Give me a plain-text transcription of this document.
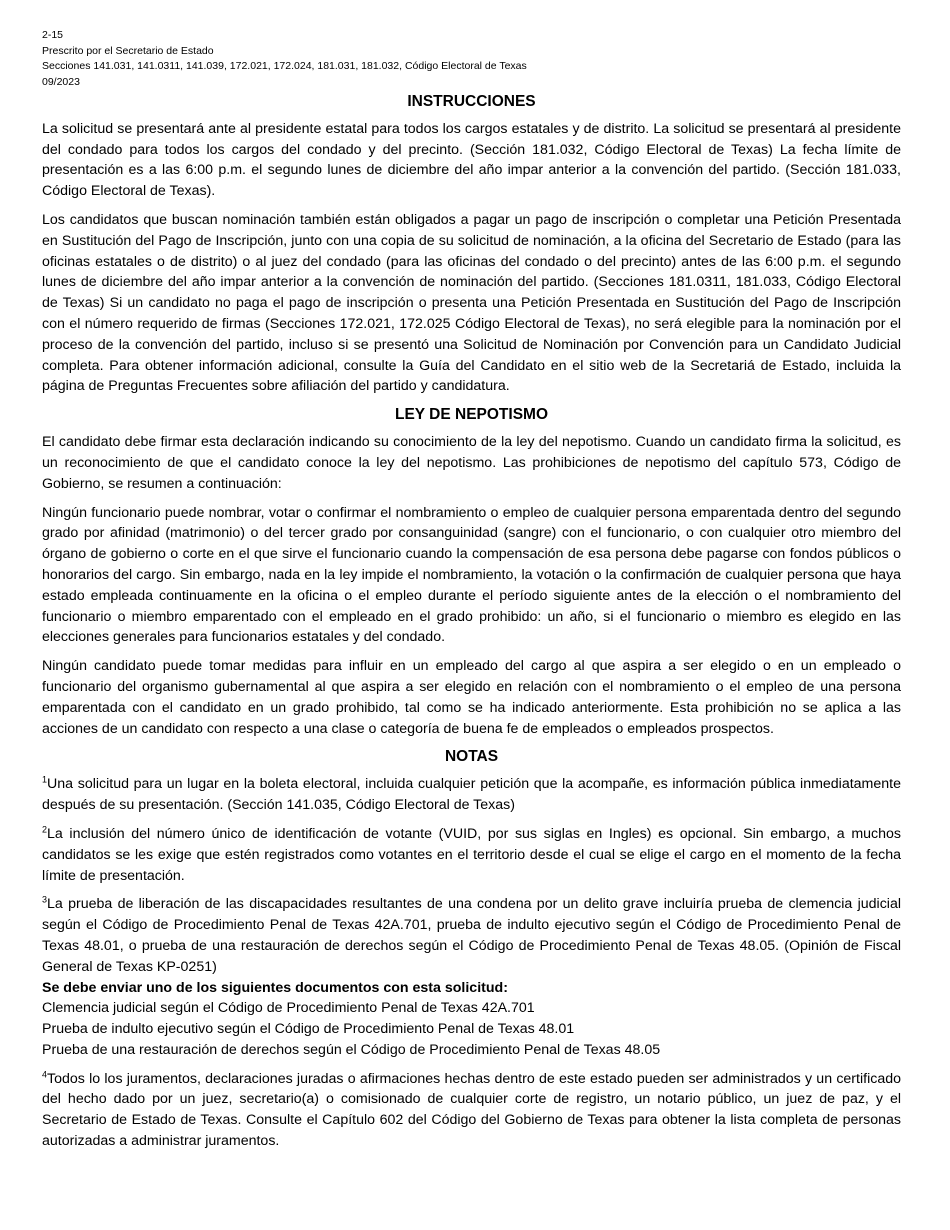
2-15
Prescrito por el Secretario de Estado
Secciones 141.031, 141.0311, 141.039, 172.021, 172.024, 181.031, 181.032, Código Electoral de Texas
09/2023
INSTRUCCIONES

La solicitud se presentará ante al presidente estatal para todos los cargos estatales y de distrito. La solicitud se presentará al presidente del condado para todos los cargos del condado y del precinto. (Sección 181.032, Código Electoral de Texas) La fecha límite de presentación es a las 6:00 p.m. el segundo lunes de diciembre del año impar anterior a la convención del partido. (Sección 181.033, Código Electoral de Texas).

Los candidatos que buscan nominación también están obligados a pagar un pago de inscripción o completar una Petición Presentada en Sustitución del Pago de Inscripción, junto con una copia de su solicitud de nominación, a la oficina del Secretario de Estado (para las oficinas estatales o de distrito) o al juez del condado (para las oficinas del condado o del precinto) antes de las 6:00 p.m. el segundo lunes de diciembre del año impar anterior a la convención de nominación del partido. (Secciones 181.0311, 181.033, Código Electoral de Texas) Si un candidato no paga el pago de inscripción o presenta una Petición Presentada en Sustitución del Pago de Inscripción con el número requerido de firmas (Secciones 172.021, 172.025 Código Electoral de Texas), no será elegible para la nominación por el proceso de la convención del partido, incluso si se presentó una Solicitud de Nominación por Convención para un Candidato Judicial completa. Para obtener información adicional, consulte la Guía del Candidato en el sitio web de la Secretariá de Estado, incluida la página de Preguntas Frecuentes sobre afiliación del partido y candidatura.

LEY DE NEPOTISMO

El candidato debe firmar esta declaración indicando su conocimiento de la ley del nepotismo. Cuando un candidato firma la solicitud, es un reconocimiento de que el candidato conoce la ley del nepotismo. Las prohibiciones de nepotismo del capítulo 573, Código de Gobierno, se resumen a continuación:

Ningún funcionario puede nombrar, votar o confirmar el nombramiento o empleo de cualquier persona emparentada dentro del segundo grado por afinidad (matrimonio) o del tercer grado por consanguinidad (sangre) con el funcionario, o con cualquier otro miembro del órgano de gobierno o corte en el que sirve el funcionario cuando la compensación de esa persona debe pagarse con fondos públicos o honorarios del cargo. Sin embargo, nada en la ley impide el nombramiento, la votación o la confirmación de cualquier persona que haya estado empleada continuamente en la oficina o el empleo durante el período siguiente antes de la elección o el nombramiento del funcionario o miembro emparentado con el empleado en el grado prohibido: un año, si el funcionario o miembro es elegido en las elecciones generales para funcionarios estatales y del condado.

Ningún candidato puede tomar medidas para influir en un empleado del cargo al que aspira a ser elegido o en un empleado o funcionario del organismo gubernamental al que aspira a ser elegido en relación con el nombramiento o el empleo de una persona emparentada con el candidato en un grado prohibido, tal como se ha indicado anteriormente. Esta prohibición no se aplica a las acciones de un candidato con respecto a una clase o categoría de buena fe de empleados o empleados prospectos.

NOTAS

$^1$Una solicitud para un lugar en la boleta electoral, incluida cualquier petición que la acompañe, es información pública inmediatamente después de su presentación. (Sección 141.035, Código Electoral de Texas)

$^2$La inclusión del número único de identificación de votante (VUID, por sus siglas en Ingles) es opcional. Sin embargo, a muchos candidatos se les exige que estén registrados como votantes en el territorio desde el cual se elige el cargo en el momento de la fecha límite de presentación.

$^3$La prueba de liberación de las discapacidades resultantes de una condena por un delito grave incluiría prueba de clemencia judicial según el Código de Procedimiento Penal de Texas 42A.701, prueba de indulto ejecutivo según el Código de Procedimiento Penal de Texas 48.01, o prueba de una restauración de derechos según el Código de Procedimiento Penal de Texas 48.05. (Opinión de Fiscal General de Texas KP-0251)

Se debe enviar uno de los siguientes documentos con esta solicitud:
Clemencia judicial según el Código de Procedimiento Penal de Texas 42A.701
Prueba de indulto ejecutivo según el Código de Procedimiento Penal de Texas 48.01
Prueba de una restauración de derechos según el Código de Procedimiento Penal de Texas 48.05

$^4$Todos lo los juramentos, declaraciones juradas o afirmaciones hechas dentro de este estado pueden ser administrados y un certificado del hecho dado por un juez, secretario(a) o comisionado de cualquier corte de registro, un notario público, un juez de paz, y el Secretario de Estado de Texas. Consulte el Capítulo 602 del Código del Gobierno de Texas para obtener la lista completa de personas autorizadas a administrar juramentos.
